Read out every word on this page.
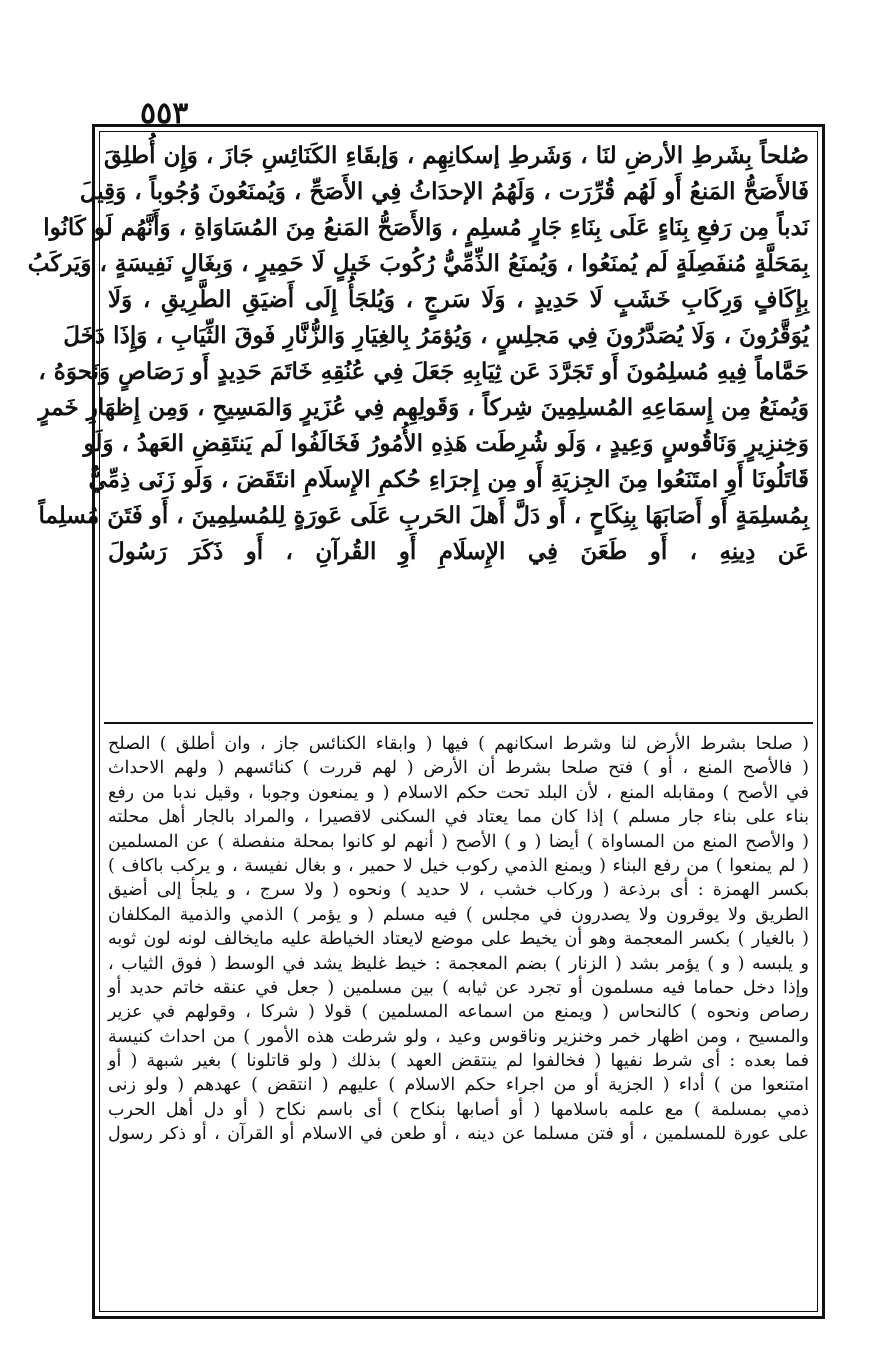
٥٥٣
صُلحاً بِشَرطِ الأرضِ لنَا ، وَشَرطِ إسكانِهِم ، وَإبقَاءِ الكَنَائِسِ جَازَ ، وَإِن أُطلِقَ
فَالأَصَحُّ المَنعُ أَو لَهُم قُرِّرَت ، وَلَهُمُ الإحدَاثُ فِي الأَصَحِّ ، وَيُمنَعُونَ وُجُوباً ، وَقِيلَ
نَدباً مِن رَفعِ بِنَاءٍ عَلَى بِنَاءِ جَارٍ مُسلِمٍ ، وَالأَصَحُّ المَنعُ مِنَ المُسَاوَاةِ ، وَأَنَّهُم لَو كَانُوا
بِمَحَلَّةٍ مُنفَصِلَةٍ لَم يُمنَعُوا ، وَيُمنَعُ الذِّمِّيُّ رُكُوبَ خَيلٍ لَا حَمِيرٍ ، وَبِغَالٍ نَفِيسَةٍ ، وَيَركَبُ
بِإِكَافٍ وَرِكَابِ خَشَبٍ لَا حَدِيدٍ ، وَلَا سَرجٍ ، وَيُلجَأُ إِلَى أَضيَقِ الطَّرِيقِ ، وَلَا
يُوَقَّرُونَ ، وَلَا يُصَدَّرُونَ فِي مَجلِسٍ ، وَيُؤمَرُ بِالغِيَارِ وَالزُّنَّارِ فَوقَ الثِّيَابِ ، وَإِذَا دَخَلَ
حَمَّاماً فِيهِ مُسلِمُونَ أَو تَجَرَّدَ عَن ثِيَابِهِ جَعَلَ فِي عُنُقِهِ خَاتَمَ حَدِيدٍ أَو رَصَاصٍ وَنَحوَهُ ،
وَيُمنَعُ مِن إِسمَاعِهِ المُسلِمِينَ شِركاً ، وَقَولِهِم فِي عُزَيرٍ وَالمَسِيحِ ، وَمِن إِظهَارِ خَمرٍ
وَخِنزِيرٍ وَنَاقُوسٍ وَعِيدٍ ، وَلَو شُرِطَت هَذِهِ الأُمُورُ فَخَالَفُوا لَم يَنتَقِضِ العَهدُ ، وَلَو
قَاتَلُونَا أَوِ امتَنَعُوا مِنَ الجِزيَةِ أَو مِن إِجرَاءِ حُكمِ الإِسلَامِ انتَقَضَ ، وَلَو زَنَى ذِمِّيٌّ
بِمُسلِمَةٍ أَو أَصَابَهَا بِنِكَاحٍ ، أَو دَلَّ أَهلَ الحَربِ عَلَى عَورَةٍ لِلمُسلِمِينَ ، أَو فَتَنَ مُسلِماً
عَن دِينِهِ ، أَو طَعَنَ فِي الإِسلَامِ أَوِ القُرآنِ ، أَو ذَكَرَ رَسُولَ
( صلحا بشرط الأرض لنا وشرط اسكانهم ) فيها ( وابقاء الكنائس جاز ، وان أطلق ) الصلح
( فالأصح المنع ، أو ) فتح صلحا بشرط أن الأرض ( لهم قررت ) كنائسهم ( ولهم الاحداث
في الأصح ) ومقابله المنع ، لأن البلد تحت حكم الاسلام ( و يمنعون وجوبا ، وقيل ندبا من رفع
بناء على بناء جار مسلم ) إذا كان مما يعتاد في السكنى لاقصيرا ، والمراد بالجار أهل محلته
( والأصح المنع من المساواة ) أيضا ( و ) الأصح ( أنهم لو كانوا بمحلة منفصلة ) عن المسلمين
( لم يمنعوا ) من رفع البناء ( ويمنع الذمي ركوب خيل لا حمير ، و بغال نفيسة ، و يركب باكاف )
بكسر الهمزة : أى برذعة ( وركاب خشب ، لا حديد ) ونحوه ( ولا سرج ، و يلجأ إلى أضيق
الطريق ولا يوقرون ولا يصدرون في مجلس ) فيه مسلم ( و يؤمر ) الذمي والذمية المكلفان
( بالغيار ) بكسر المعجمة وهو أن يخيط على موضع لايعتاد الخياطة عليه مايخالف لونه لون ثوبه
و يلبسه ( و ) يؤمر بشد ( الزنار ) بضم المعجمة : خيط غليظ يشد في الوسط ( فوق الثياب ،
وإذا دخل حماما فيه مسلمون أو تجرد عن ثيابه ) بين مسلمين ( جعل في عنقه خاتم حديد أو
رصاص ونحوه ) كالنحاس ( ويمنع من اسماعه المسلمين ) قولا ( شركا ، وقولهم في عزير
والمسيح ، ومن اظهار خمر وخنزير وناقوس وعيد ، ولو شرطت هذه الأمور ) من احداث كنيسة
فما بعده : أى شرط نفيها ( فخالفوا لم ينتقض العهد ) بذلك ( ولو قاتلونا ) بغير شبهة ( أو
امتنعوا من ) أداء ( الجزية أو من اجراء حكم الاسلام ) عليهم ( انتقض ) عهدهم ( ولو زنى
ذمي بمسلمة ) مع علمه باسلامها ( أو أصابها بنكاح ) أى باسم نكاح ( أو دل أهل الحرب
على عورة للمسلمين ، أو فتن مسلما عن دينه ، أو طعن في الاسلام أو القرآن ، أو ذكر رسول
